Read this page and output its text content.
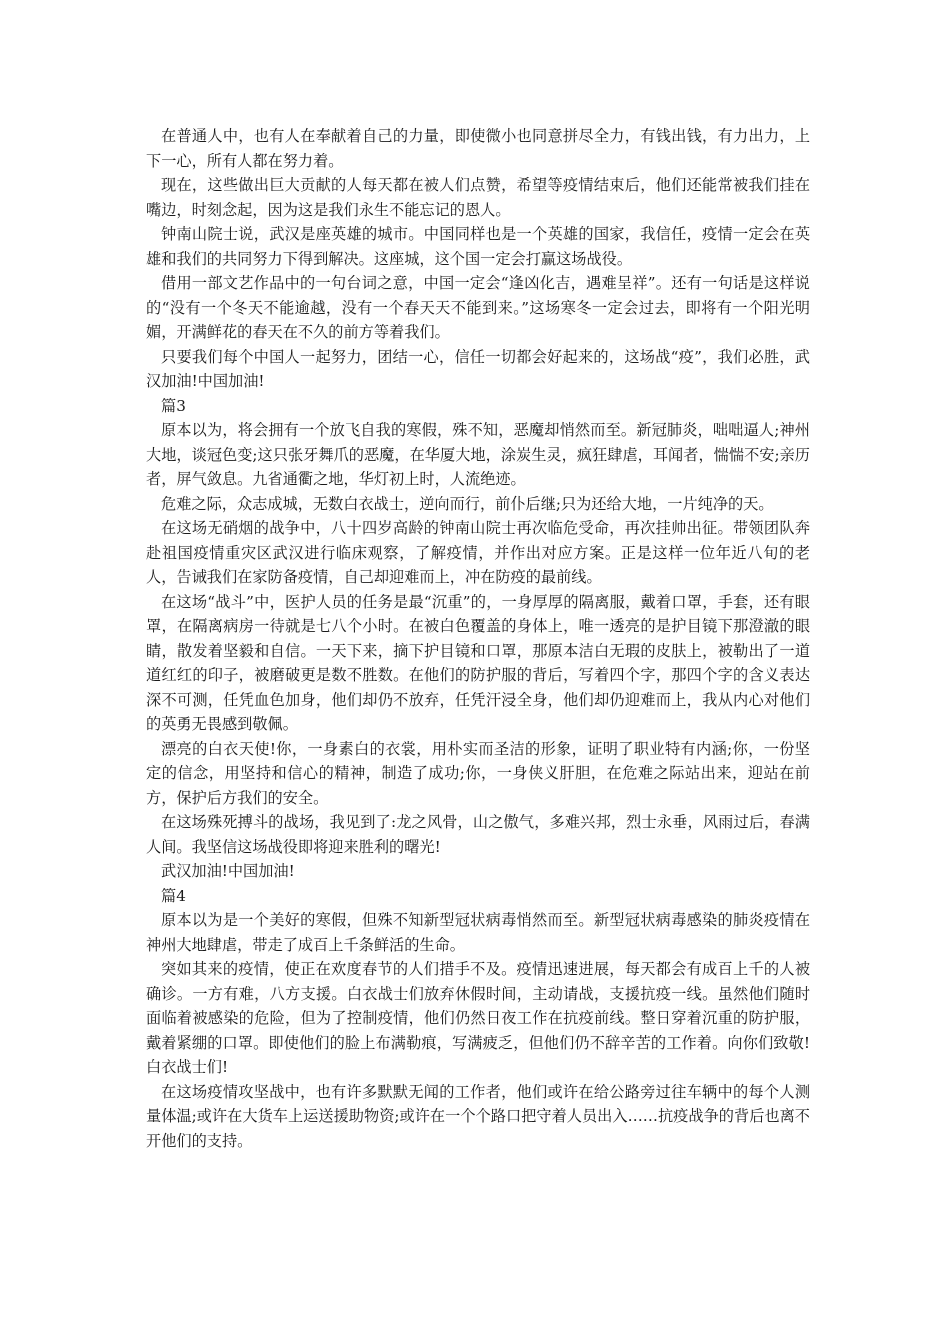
在普通人中，也有人在奉献着自己的力量，即使微小也同意拼尽全力，有钱出钱，有力出力，上下一心，所有人都在努力着。

现在，这些做出巨大贡献的人每天都在被人们点赞，希望等疫情结束后，他们还能常被我们挂在嘴边，时刻念起，因为这是我们永生不能忘记的恩人。

钟南山院士说，武汉是座英雄的城市。中国同样也是一个英雄的国家，我信任，疫情一定会在英雄和我们的共同努力下得到解决。这座城，这个国一定会打赢这场战役。

借用一部文艺作品中的一句台词之意，中国一定会“逢凶化吉，遇难呈祥”。还有一句话是这样说的“没有一个冬天不能逾越，没有一个春天天不能到来。”这场寒冬一定会过去，即将有一个阳光明媚，开满鲜花的春天在不久的前方等着我们。

只要我们每个中国人一起努力，团结一心，信任一切都会好起来的，这场战“疫”，我们必胜，武汉加油!中国加油!

篇3

原本以为，将会拥有一个放飞自我的寒假，殊不知，恶魔却悄然而至。新冠肺炎，咄咄逼人;神州大地，谈冠色变;这只张牙舞爪的恶魔，在华厦大地，涂炭生灵，疯狂肆虐，耳闻者，惴惴不安;亲历者，屏气敛息。九省通衢之地，华灯初上时，人流绝迹。

危难之际，众志成城，无数白衣战士，逆向而行，前仆后继;只为还给大地，一片纯净的天。

在这场无硝烟的战争中，八十四岁高龄的钟南山院士再次临危受命，再次挂帅出征。带领团队奔赴祖国疫情重灾区武汉进行临床观察，了解疫情，并作出对应方案。正是这样一位年近八旬的老人，告诫我们在家防备疫情，自己却迎难而上，冲在防疫的最前线。

在这场“战斗”中，医护人员的任务是最“沉重”的，一身厚厚的隔离服，戴着口罩，手套，还有眼罩，在隔离病房一待就是七八个小时。在被白色覆盖的身体上，唯一透亮的是护目镜下那澄澈的眼睛，散发着坚毅和自信。一天下来，摘下护目镜和口罩，那原本洁白无瑕的皮肤上，被勒出了一道道红红的印子，被磨破更是数不胜数。在他们的防护服的背后，写着四个字，那四个字的含义表达深不可测，任凭血色加身，他们却仍不放弃，任凭汗浸全身，他们却仍迎难而上，我从内心对他们的英勇无畏感到敬佩。

漂亮的白衣天使!你，一身素白的衣裳，用朴实而圣洁的形象，证明了职业特有内涵;你，一份坚定的信念，用坚持和信心的精神，制造了成功;你，一身侠义肝胆，在危难之际站出来，迎站在前方，保护后方我们的安全。

在这场殊死搏斗的战场，我见到了:龙之风骨，山之傲气，多难兴邦，烈士永垂，风雨过后，春满人间。我坚信这场战役即将迎来胜利的曙光!

武汉加油!中国加油!

篇4

原本以为是一个美好的寒假，但殊不知新型冠状病毒悄然而至。新型冠状病毒感染的肺炎疫情在神州大地肆虐，带走了成百上千条鲜活的生命。

突如其来的疫情，使正在欢度春节的人们措手不及。疫情迅速进展，每天都会有成百上千的人被确诊。一方有难，八方支援。白衣战士们放弃休假时间，主动请战，支援抗疫一线。虽然他们随时面临着被感染的危险，但为了控制疫情，他们仍然日夜工作在抗疫前线。整日穿着沉重的防护服，戴着紧绷的口罩。即使他们的脸上布满勒痕，写满疲乏，但他们仍不辞辛苦的工作着。向你们致敬!白衣战士们!

在这场疫情攻坚战中，也有许多默默无闻的工作者，他们或许在给公路旁过往车辆中的每个人测量体温;或许在大货车上运送援助物资;或许在一个个路口把守着人员出入……抗疫战争的背后也离不开他们的支持。
